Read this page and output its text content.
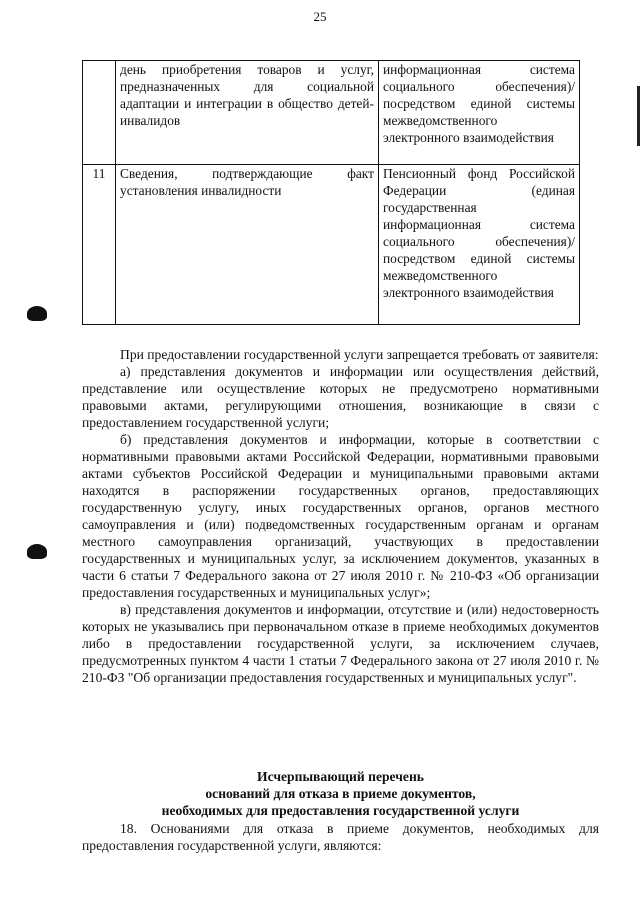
25
	день приобретения товаров и услуг, предназначенных для социальной адаптации и интеграции в общество детей-инвалидов	информационная система социального обеспечения)/посредством единой системы межведомственного электронного взаимодействия
11	Сведения, подтверждающие факт установления инвалидности	Пенсионный фонд Российской Федерации (единая государственная информационная система социального обеспечения)/посредством единой системы межведомственного электронного взаимодействия

При предоставлении государственной услуги запрещается требовать от заявителя:

а) представления документов и информации или осуществления действий, представление или осуществление которых не предусмотрено нормативными правовыми актами, регулирующими отношения, возникающие в связи с предоставлением государственной услуги;

б) представления документов и информации, которые в соответствии с нормативными правовыми актами Российской Федерации, нормативными правовыми актами субъектов Российской Федерации и муниципальными правовыми актами находятся в распоряжении государственных органов, предоставляющих государственную услугу, иных государственных органов, органов местного самоуправления и (или) подведомственных государственным органам и органам местного самоуправления организаций, участвующих в предоставлении государственных и муниципальных услуг, за исключением документов, указанных в части 6 статьи 7 Федерального закона от 27 июля 2010 г. № 210-ФЗ «Об организации предоставления государственных и муниципальных услуг»;

в) представления документов и информации, отсутствие и (или) недостоверность которых не указывались при первоначальном отказе в приеме необходимых документов либо в предоставлении государственной услуги, за исключением случаев, предусмотренных пунктом 4 части 1 статьи 7 Федерального закона от 27 июля 2010 г. № 210-ФЗ "Об организации предоставления государственных и муниципальных услуг".

Исчерпывающий перечень
оснований для отказа в приеме документов,
необходимых для предоставления государственной услуги

18. Основаниями для отказа в приеме документов, необходимых для предоставления государственной услуги, являются:
